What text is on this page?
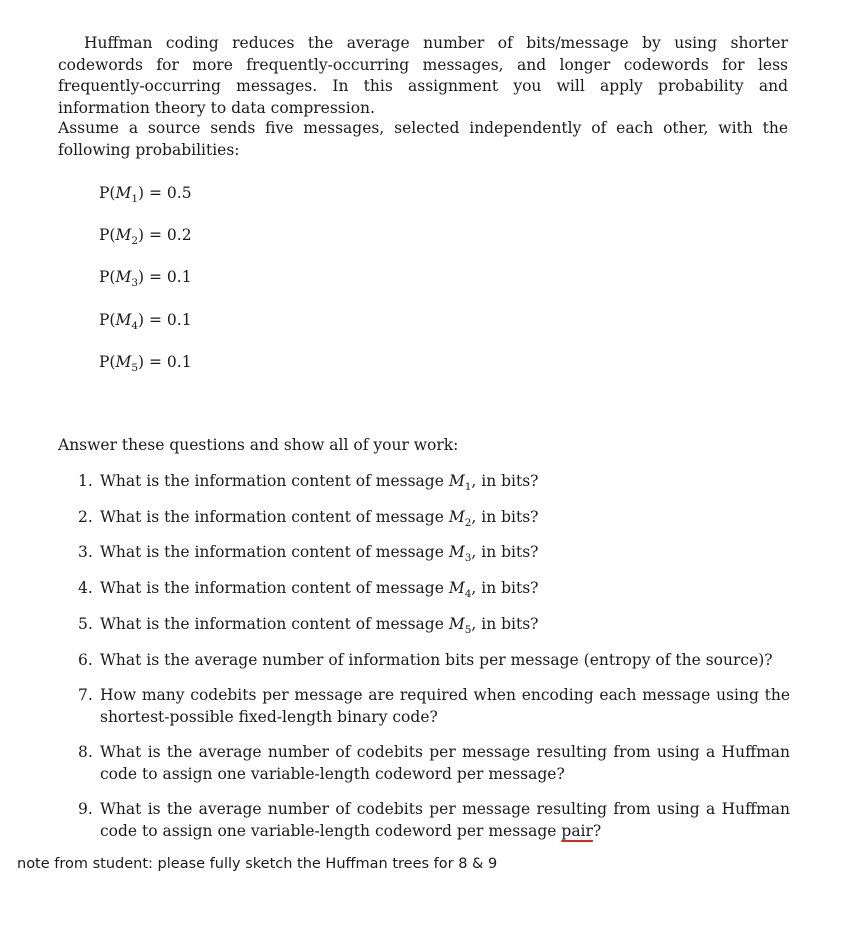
Huffman coding reduces the average number of bits/message by using shorter codewords for more frequently-occurring messages, and longer codewords for less frequently-occurring messages. In this assignment you will apply probability and information theory to data compression.

Assume a source sends five messages, selected independently of each other, with the following probabilities:

$P(M_1) = 0.5$
$P(M_2) = 0.2$
$P(M_3) = 0.1$
$P(M_4) = 0.1$
$P(M_5) = 0.1$
Answer these questions and show all of your work:
1. What is the information content of message $M_1$, in bits?
2. What is the information content of message $M_2$, in bits?
3. What is the information content of message $M_3$, in bits?
4. What is the information content of message $M_4$, in bits?
5. What is the information content of message $M_5$, in bits?
6. What is the average number of information bits per message (entropy of the source)?
7. How many codebits per message are required when encoding each message using the shortest-possible fixed-length binary code?
8. What is the average number of codebits per message resulting from using a Huffman code to assign one variable-length codeword per message?
9. What is the average number of codebits per message resulting from using a Huffman code to assign one variable-length codeword per message pair?
note from student: please fully sketch the Huffman trees for 8 & 9
